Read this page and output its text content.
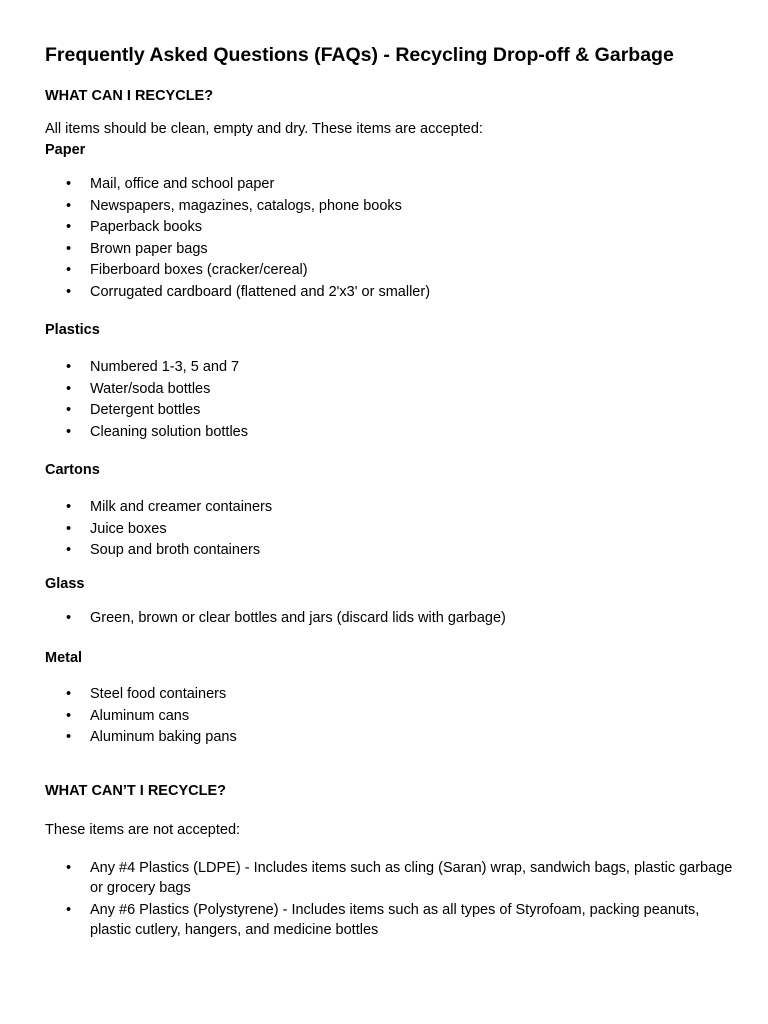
Frequently Asked Questions (FAQs) - Recycling Drop-off & Garbage
WHAT CAN I RECYCLE?
All items should be clean, empty and dry. These items are accepted:
Paper
• Mail, office and school paper
• Newspapers, magazines, catalogs, phone books
• Paperback books
• Brown paper bags
• Fiberboard boxes (cracker/cereal)
• Corrugated cardboard (flattened and 2'x3' or smaller)
Plastics
• Numbered 1-3, 5 and 7
• Water/soda bottles
• Detergent bottles
• Cleaning solution bottles
Cartons
• Milk and creamer containers
• Juice boxes
• Soup and broth containers
Glass
• Green, brown or clear bottles and jars (discard lids with garbage)
Metal
• Steel food containers
• Aluminum cans
• Aluminum baking pans
WHAT CAN’T I RECYCLE?
These items are not accepted:
• Any #4 Plastics (LDPE) - Includes items such as cling (Saran) wrap, sandwich bags, plastic garbage or grocery bags
• Any #6 Plastics (Polystyrene) - Includes items such as all types of Styrofoam, packing peanuts, plastic cutlery, hangers, and medicine bottles
